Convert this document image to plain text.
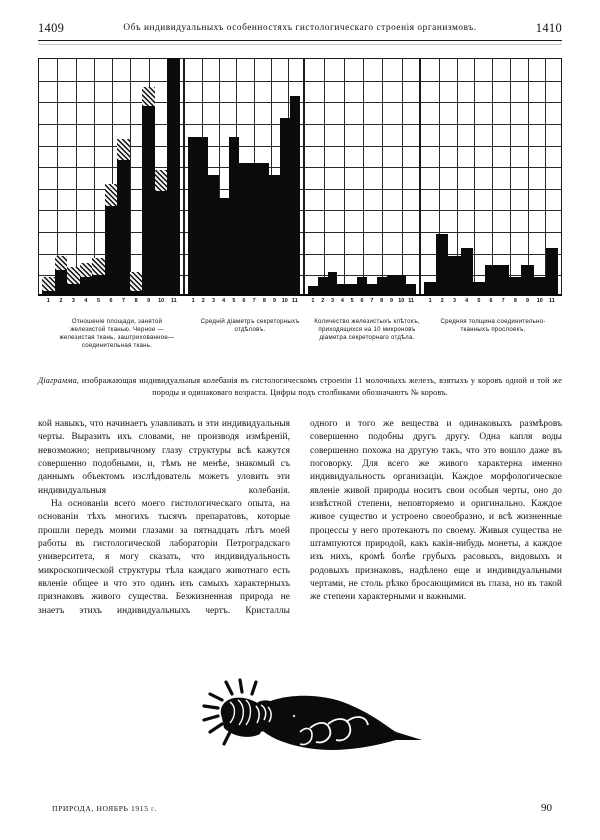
1409	Объ индивидуальныхъ особенностяхъ гистологическаго строенія организмовъ.	1410
1 2 3 4 5 6 7 8 9 10 11	1 2 3 4 5 6 7 8 9 10 11	1 2 3 4 5 6 7 8 9 10 11	1 2 3 4 5 6 7 8 9 10 11
Отношеніе площади, занятой железистой тканью. Черное — железистая ткань, заштрихованное—соединительная ткань.
Средній діаметръ секреторныхъ отдѣловъ.
Количество железистыхъ клѣтокъ, приходящихся на 10 микроновъ діаметра секреторнаго отдѣла.
Средняя толщина соединительно-тканныхъ прослоекъ.
Діаграмма, изображающая индивидуальныя колебанія въ гистологическомъ строеніи 11 молочныхъ железъ, взятыхъ у коровъ одной и той же породы и одинаковаго возраста. Цифры подъ столбиками обозначаютъ № коровъ.

кой навыкъ, что начинаетъ улавливать и эти индивидуальныя черты. Выразить ихъ словами, не производя измѣреній, невозможно; непривычному глазу структуры всѣ кажутся совершенно подобными, и, тѣмъ не менѣе, знакомый съ даннымъ объектомъ изслѣдователь можетъ уловить эти индивидуальныя колебанія.

На основаніи всего моего гистологическаго опыта, на основаніи тѣхъ многихъ тысячъ препаратовъ, которые прошли передъ моими глазами за пятнадцать лѣтъ моей работы въ гистологической лабораторіи Петроградскаго университета, я могу сказать, что индивидуальность микроскопической структуры тѣла каждаго животнаго есть явленіе общее и что это одинъ изъ самыхъ характерныхъ признаковъ живого существа. Безжизненная природа не знаетъ этихъ индивидуальныхъ чертъ. Кристаллы

одного и того же вещества и одинаковыхъ размѣровъ совершенно подобны другъ другу. Одна капля воды совершенно похожа на другую такъ, что это вошло даже въ поговорку. Для всего же живого характерна именно индивидуальность организаціи. Каждое морфологическое явленіе живой природы носитъ свои особыя черты, оно до извѣстной степени, неповторяемо и оригинально. Каждое живое существо и устроено своеобразно, и всѣ жизненные процессы у него протекаютъ по своему. Живыя существа не штампуются природой, какъ какія-нибудь монеты, а каждое изъ нихъ, кромѣ болѣе грубыхъ расовыхъ, видовыхъ и родовыхъ признаковъ, надѣлено еще и индивидуальными чертами, не столь рѣзко бросающимися въ глаза, но въ такой же степени характерными и важными.

ПРИРОДА, НОЯБРЬ 1915 г.	90
